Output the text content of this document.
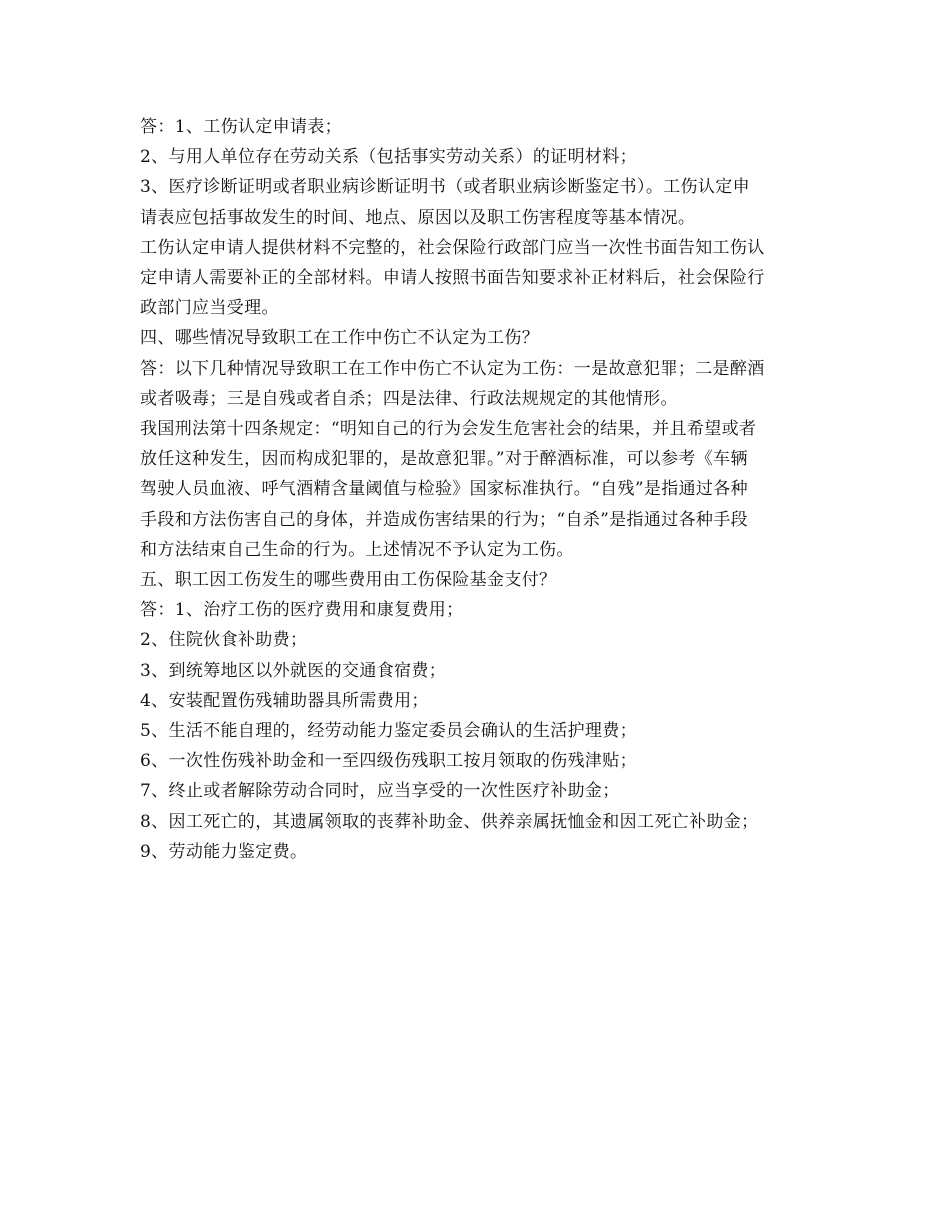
答：1、工伤认定申请表；
2、与用人单位存在劳动关系（包括事实劳动关系）的证明材料；
3、医疗诊断证明或者职业病诊断证明书（或者职业病诊断鉴定书）。工伤认定申
请表应包括事故发生的时间、地点、原因以及职工伤害程度等基本情况。
工伤认定申请人提供材料不完整的，社会保险行政部门应当一次性书面告知工伤认
定申请人需要补正的全部材料。申请人按照书面告知要求补正材料后，社会保险行
政部门应当受理。
四、哪些情况导致职工在工作中伤亡不认定为工伤？
答：以下几种情况导致职工在工作中伤亡不认定为工伤：一是故意犯罪；二是醉酒
或者吸毒；三是自残或者自杀；四是法律、行政法规规定的其他情形。
我国刑法第十四条规定：“明知自己的行为会发生危害社会的结果，并且希望或者
放任这种发生，因而构成犯罪的，是故意犯罪。”对于醉酒标准，可以参考《车辆
驾驶人员血液、呼气酒精含量阈值与检验》国家标准执行。“自残”是指通过各种
手段和方法伤害自己的身体，并造成伤害结果的行为；“自杀”是指通过各种手段
和方法结束自己生命的行为。上述情况不予认定为工伤。
五、职工因工伤发生的哪些费用由工伤保险基金支付？
答：1、治疗工伤的医疗费用和康复费用；
2、住院伙食补助费；
3、到统筹地区以外就医的交通食宿费；
4、安装配置伤残辅助器具所需费用；
5、生活不能自理的，经劳动能力鉴定委员会确认的生活护理费；
6、一次性伤残补助金和一至四级伤残职工按月领取的伤残津贴；
7、终止或者解除劳动合同时，应当享受的一次性医疗补助金；
8、因工死亡的，其遗属领取的丧葬补助金、供养亲属抚恤金和因工死亡补助金；
9、劳动能力鉴定费。
